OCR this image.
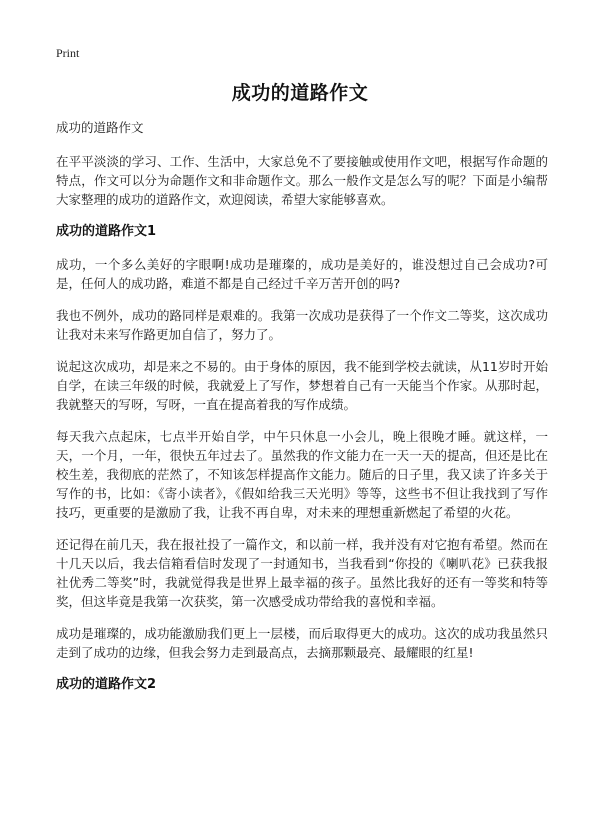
Print
成功的道路作文

成功的道路作文

在平平淡淡的学习、工作、生活中，大家总免不了要接触或使用作文吧，根据写作命题的特点，作文可以分为命题作文和非命题作文。那么一般作文是怎么写的呢？下面是小编帮大家整理的成功的道路作文，欢迎阅读，希望大家能够喜欢。

成功的道路作文1

成功，一个多么美好的字眼啊!成功是璀璨的，成功是美好的，谁没想过自己会成功?可是，任何人的成功路，难道不都是自己经过千辛万苦开创的吗?

我也不例外，成功的路同样是艰难的。我第一次成功是获得了一个作文二等奖，这次成功让我对未来写作路更加自信了，努力了。

说起这次成功，却是来之不易的。由于身体的原因，我不能到学校去就读，从11岁时开始自学，在读三年级的时候，我就爱上了写作，梦想着自己有一天能当个作家。从那时起，我就整天的写呀，写呀，一直在提高着我的写作成绩。

每天我六点起床，七点半开始自学，中午只休息一小会儿，晚上很晚才睡。就这样，一天，一个月，一年，很快五年过去了。虽然我的作文能力在一天一天的提高，但还是比在校生差，我彻底的茫然了，不知该怎样提高作文能力。随后的日子里，我又读了许多关于写作的书，比如：《寄小读者》，《假如给我三天光明》等等，这些书不但让我找到了写作技巧，更重要的是激励了我，让我不再自卑，对未来的理想重新燃起了希望的火花。

还记得在前几天，我在报社投了一篇作文，和以前一样，我并没有对它抱有希望。然而在十几天以后，我去信箱看信时发现了一封通知书，当我看到“你投的《喇叭花》已获我报社优秀二等奖”时，我就觉得我是世界上最幸福的孩子。虽然比我好的还有一等奖和特等奖，但这毕竟是我第一次获奖，第一次感受成功带给我的喜悦和幸福。

成功是璀璨的，成功能激励我们更上一层楼，而后取得更大的成功。这次的成功我虽然只走到了成功的边缘，但我会努力走到最高点，去摘那颗最亮、最耀眼的红星!

成功的道路作文2
